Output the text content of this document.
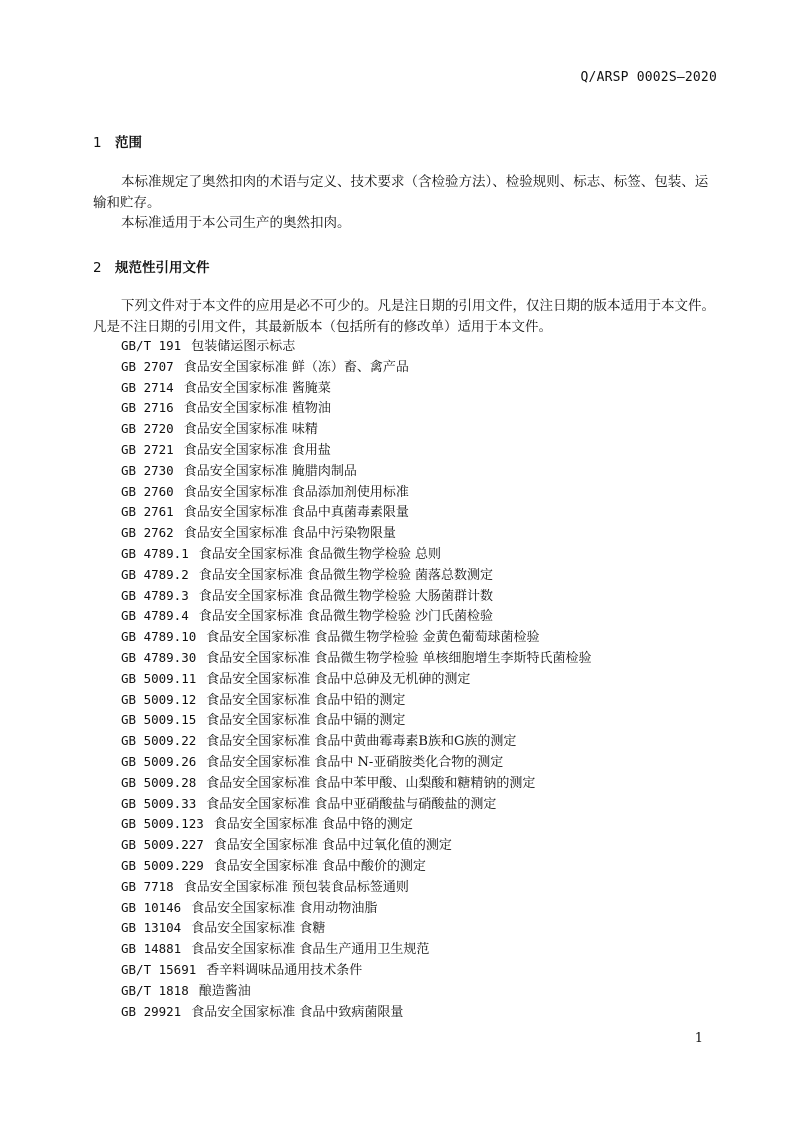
Q/ARSP 0002S—2020
1 范围
本标准规定了奥然扣肉的术语与定义、技术要求（含检验方法）、检验规则、标志、标签、包装、运输和贮存。
本标准适用于本公司生产的奥然扣肉。
2 规范性引用文件
下列文件对于本文件的应用是必不可少的。凡是注日期的引用文件，仅注日期的版本适用于本文件。凡是不注日期的引用文件，其最新版本（包括所有的修改单）适用于本文件。
GB/T 191 包装储运图示标志
GB 2707 食品安全国家标准 鲜（冻）畜、禽产品
GB 2714 食品安全国家标准 酱腌菜
GB 2716 食品安全国家标准 植物油
GB 2720 食品安全国家标准 味精
GB 2721 食品安全国家标准 食用盐
GB 2730 食品安全国家标准 腌腊肉制品
GB 2760 食品安全国家标准 食品添加剂使用标准
GB 2761 食品安全国家标准 食品中真菌毒素限量
GB 2762 食品安全国家标准 食品中污染物限量
GB 4789.1 食品安全国家标准 食品微生物学检验 总则
GB 4789.2 食品安全国家标准 食品微生物学检验 菌落总数测定
GB 4789.3 食品安全国家标准 食品微生物学检验 大肠菌群计数
GB 4789.4 食品安全国家标准 食品微生物学检验 沙门氏菌检验
GB 4789.10 食品安全国家标准 食品微生物学检验 金黄色葡萄球菌检验
GB 4789.30 食品安全国家标准 食品微生物学检验 单核细胞增生李斯特氏菌检验
GB 5009.11 食品安全国家标准 食品中总砷及无机砷的测定
GB 5009.12 食品安全国家标准 食品中铅的测定
GB 5009.15 食品安全国家标准 食品中镉的测定
GB 5009.22 食品安全国家标准 食品中黄曲霉毒素B族和G族的测定
GB 5009.26 食品安全国家标准 食品中 N-亚硝胺类化合物的测定
GB 5009.28 食品安全国家标准 食品中苯甲酸、山梨酸和糖精钠的测定
GB 5009.33 食品安全国家标准 食品中亚硝酸盐与硝酸盐的测定
GB 5009.123 食品安全国家标准 食品中铬的测定
GB 5009.227 食品安全国家标准 食品中过氧化值的测定
GB 5009.229 食品安全国家标准 食品中酸价的测定
GB 7718 食品安全国家标准 预包装食品标签通则
GB 10146 食品安全国家标准 食用动物油脂
GB 13104 食品安全国家标准 食糖
GB 14881 食品安全国家标准 食品生产通用卫生规范
GB/T 15691 香辛料调味品通用技术条件
GB/T 1818 酿造酱油
GB 29921 食品安全国家标准 食品中致病菌限量
1
